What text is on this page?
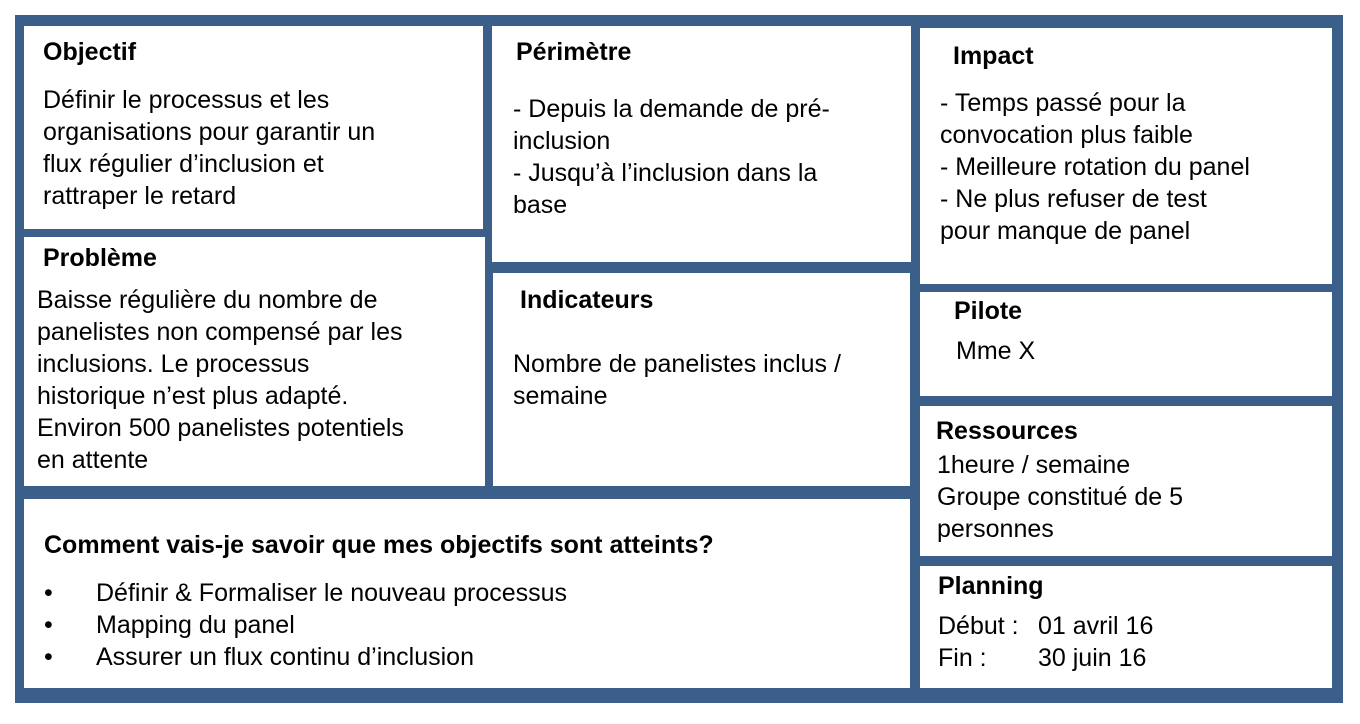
Objectif
Définir le processus et les
organisations pour garantir un
flux régulier d’inclusion et
rattraper le retard
Périmètre
- Depuis la demande de pré-
inclusion
- Jusqu’à l’inclusion dans la
base
Impact
- Temps passé pour la
convocation plus faible
- Meilleure rotation du panel
- Ne plus refuser de test
pour manque de panel
Problème
Baisse régulière du nombre de
panelistes non compensé par les
inclusions. Le processus
historique n’est plus adapté.
Environ 500 panelistes potentiels
en attente
Indicateurs
Nombre de panelistes inclus /
semaine
Pilote
Mme X
Ressources
1heure / semaine
Groupe constitué de 5
personnes
Comment vais-je savoir que mes objectifs sont atteints?
• Définir & Formaliser le nouveau processus
• Mapping du panel
• Assurer un flux continu d’inclusion
Planning
Début : 01 avril 16
Fin : 30 juin 16
